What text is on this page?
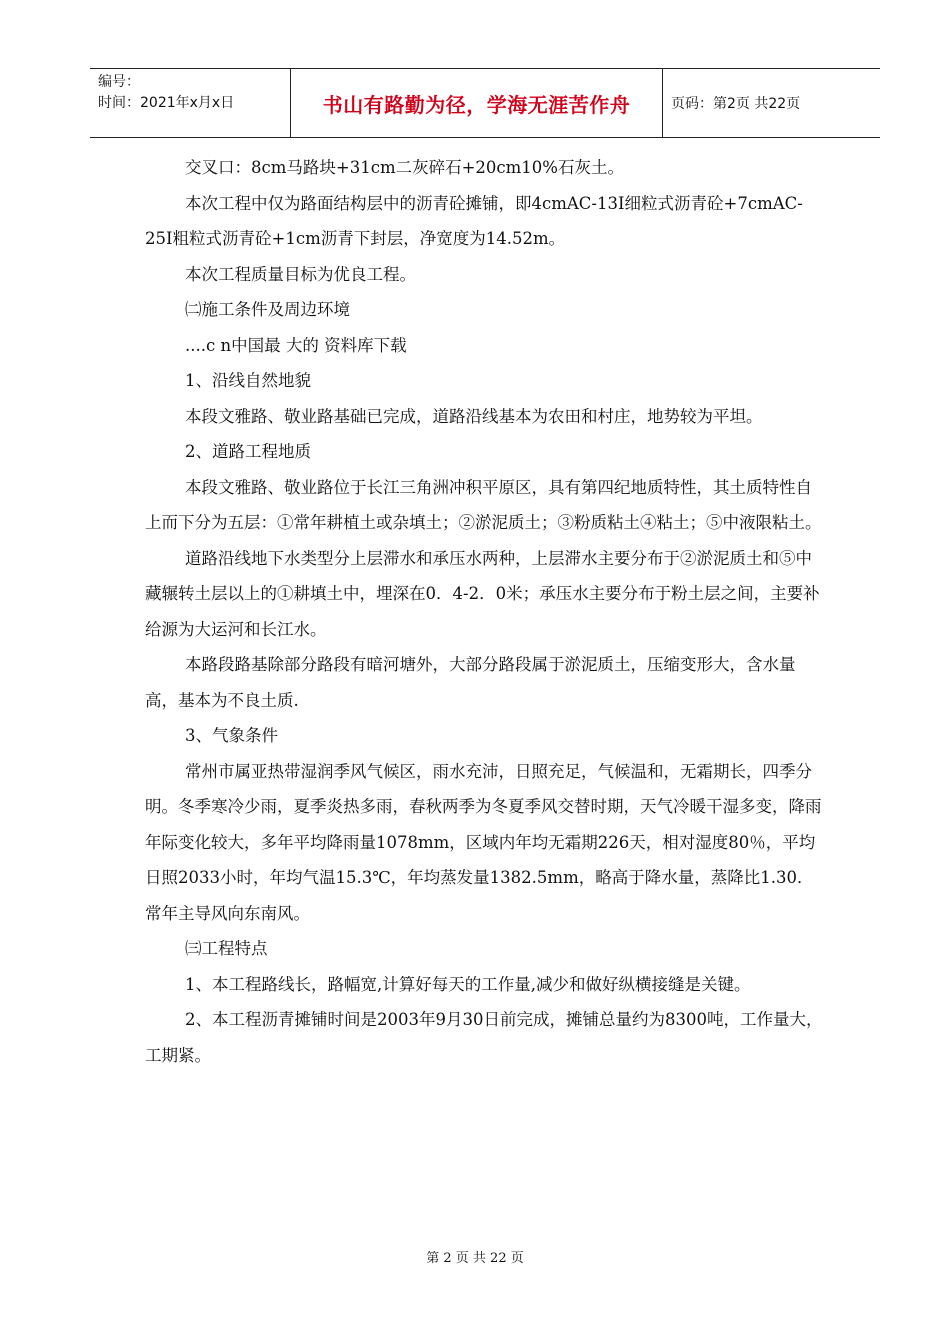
编号：
时间：2021年x月x日	书山有路勤为径，学海无涯苦作舟	页码：第2页 共22页

交叉口：8cm马路块+31cm二灰碎石+20cm10%石灰土。

本次工程中仅为路面结构层中的沥青砼摊铺，即4cmAC-13I细粒式沥青砼+7cmAC-25I粗粒式沥青砼+1cm沥青下封层，净宽度为14.52m。

本次工程质量目标为优良工程。

㈡施工条件及周边环境

....c n中国最 大的 资料库下载

1、沿线自然地貌

本段文雅路、敬业路基础已完成，道路沿线基本为农田和村庄，地势较为平坦。

2、道路工程地质

本段文雅路、敬业路位于长江三角洲冲积平原区，具有第四纪地质特性，其土质特性自上而下分为五层：①常年耕植土或杂填土；②淤泥质土；③粉质粘土④粘土；⑤中液限粘土。

道路沿线地下水类型分上层滞水和承压水两种，上层滞水主要分布于②淤泥质土和⑤中藏辗转土层以上的①耕填土中，埋深在0．4-2．0米；承压水主要分布于粉土层之间，主要补给源为大运河和长江水。

本路段路基除部分路段有暗河塘外，大部分路段属于淤泥质土，压缩变形大，含水量高，基本为不良土质.

3、气象条件

常州市属亚热带湿润季风气候区，雨水充沛，日照充足，气候温和，无霜期长，四季分明。冬季寒冷少雨，夏季炎热多雨，春秋两季为冬夏季风交替时期，天气冷暖干湿多变，降雨年际变化较大，多年平均降雨量1078mm，区域内年均无霜期226天，相对湿度80％，平均日照2033小时，年均气温15.3℃，年均蒸发量1382.5mm，略高于降水量，蒸降比1.30．常年主导风向东南风。

㈢工程特点

1、本工程路线长，路幅宽,计算好每天的工作量,减少和做好纵横接缝是关键。

2、本工程沥青摊铺时间是2003年9月30日前完成，摊铺总量约为8300吨，工作量大，工期紧。

第 2 页 共 22 页
